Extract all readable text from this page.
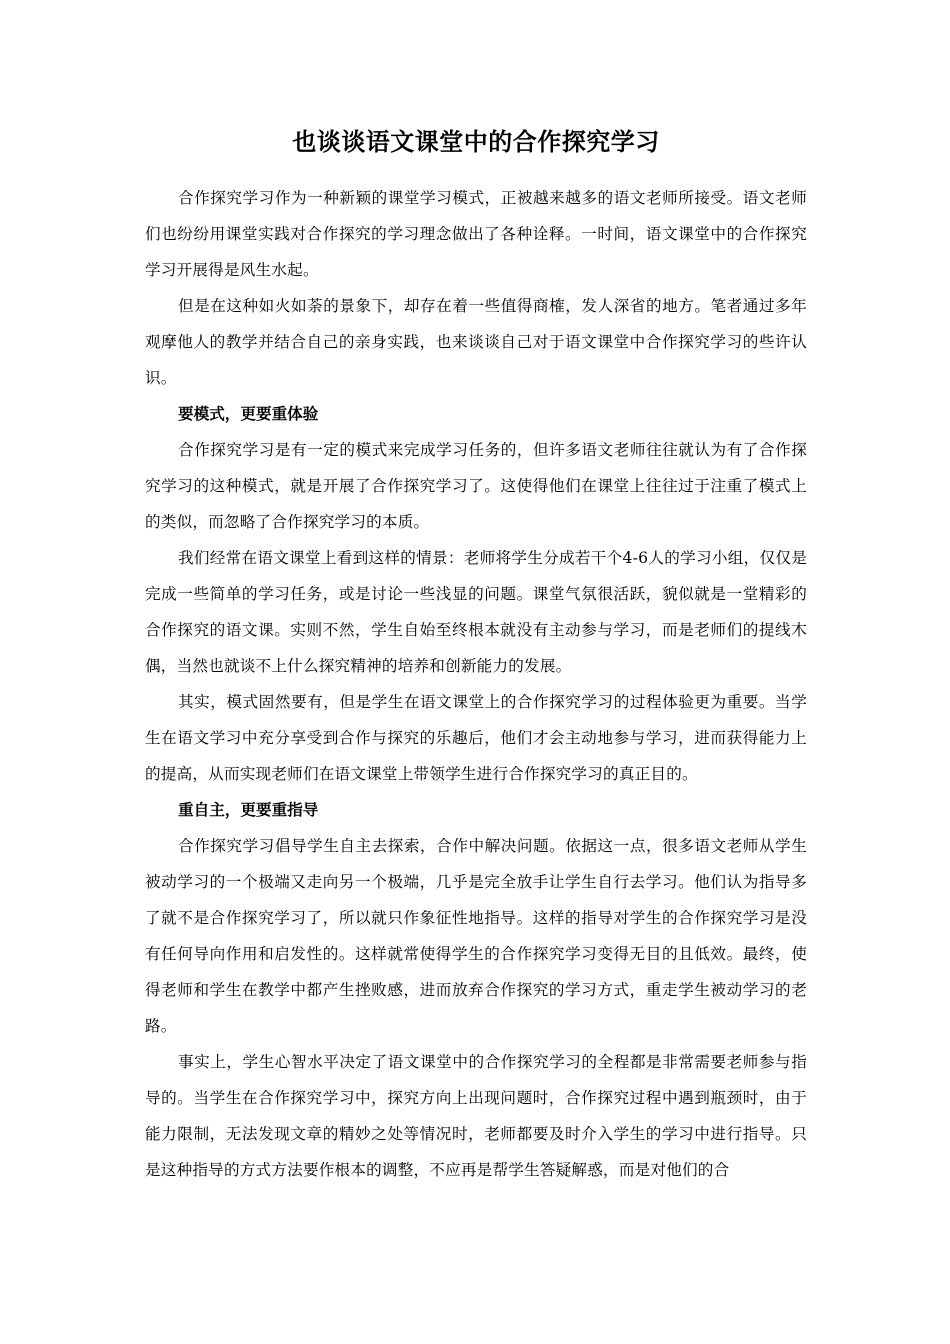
也谈谈语文课堂中的合作探究学习

合作探究学习作为一种新颖的课堂学习模式，正被越来越多的语文老师所接受。语文老师们也纷纷用课堂实践对合作探究的学习理念做出了各种诠释。一时间，语文课堂中的合作探究学习开展得是风生水起。

但是在这种如火如荼的景象下，却存在着一些值得商榷，发人深省的地方。笔者通过多年观摩他人的教学并结合自己的亲身实践，也来谈谈自己对于语文课堂中合作探究学习的些许认识。

要模式，更要重体验

合作探究学习是有一定的模式来完成学习任务的，但许多语文老师往往就认为有了合作探究学习的这种模式，就是开展了合作探究学习了。这使得他们在课堂上往往过于注重了模式上的类似，而忽略了合作探究学习的本质。

我们经常在语文课堂上看到这样的情景：老师将学生分成若干个4-6人的学习小组，仅仅是完成一些简单的学习任务，或是讨论一些浅显的问题。课堂气氛很活跃，貌似就是一堂精彩的合作探究的语文课。实则不然，学生自始至终根本就没有主动参与学习，而是老师们的提线木偶，当然也就谈不上什么探究精神的培养和创新能力的发展。

其实，模式固然要有，但是学生在语文课堂上的合作探究学习的过程体验更为重要。当学生在语文学习中充分享受到合作与探究的乐趣后，他们才会主动地参与学习，进而获得能力上的提高，从而实现老师们在语文课堂上带领学生进行合作探究学习的真正目的。

重自主，更要重指导

合作探究学习倡导学生自主去探索，合作中解决问题。依据这一点，很多语文老师从学生被动学习的一个极端又走向另一个极端，几乎是完全放手让学生自行去学习。他们认为指导多了就不是合作探究学习了，所以就只作象征性地指导。这样的指导对学生的合作探究学习是没有任何导向作用和启发性的。这样就常使得学生的合作探究学习变得无目的且低效。最终，使得老师和学生在教学中都产生挫败感，进而放弃合作探究的学习方式，重走学生被动学习的老路。

事实上，学生心智水平决定了语文课堂中的合作探究学习的全程都是非常需要老师参与指导的。当学生在合作探究学习中，探究方向上出现问题时，合作探究过程中遇到瓶颈时，由于能力限制，无法发现文章的精妙之处等情况时，老师都要及时介入学生的学习中进行指导。只是这种指导的方式方法要作根本的调整，不应再是帮学生答疑解惑，而是对他们的合
